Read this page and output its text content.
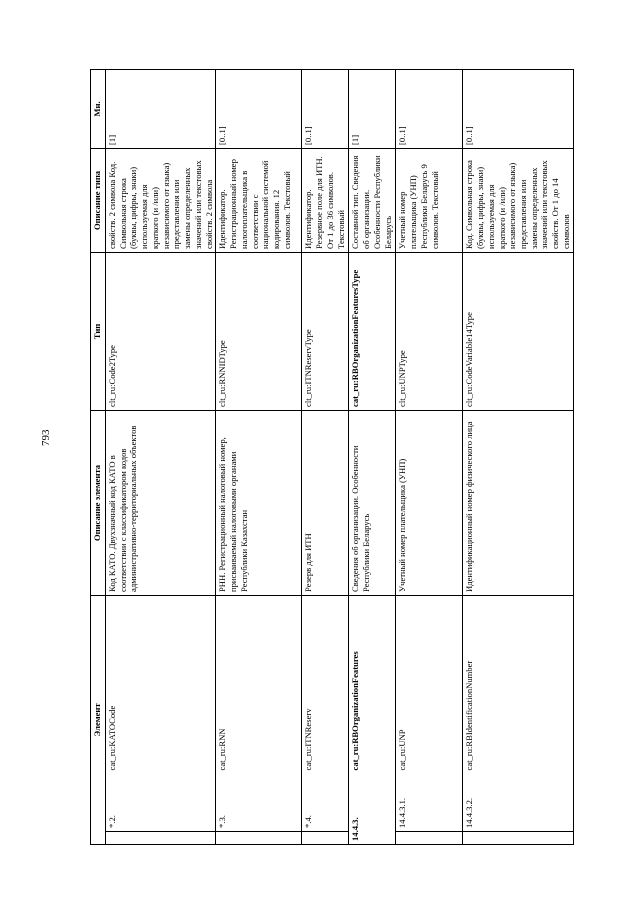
793
Элемент			Описание элемента	Тип	Описание типа	Мн.
	*.2.	cat_ru:KATOCode	Код КАТО. Двухзначный код КАТО в соответствии с классификатором кодов административно-территориальных объектов	clt_ru:Code2Type	свойств. 2 символа Код. Символьная строка (буквы, цифры, знаки) используемая для краткого (и /или) независимого от языка) представления или замены определенных значений или текстовых свойств. 2 символа	[1]
	*.3.	cat_ru:RNN	РНН. Регистрационный налоговый номер, присваиваемый налоговыми органами Республики Казахстан	clt_ru:RNNIDType	Идентификатор. Регистрационный номер налогоплательщика в соответствии с национальной системой кодирования. 12 символов. Текстовый	[0..1]
	*.4.	cat_ru:ITNReserv	Резерв для ИТН	clt_ru:ITNReservType	Идентификатор. Резервное поле для ИТН. От 1 до 36 символов. Текстовый	[0..1]
14.4.3.		cat_ru:RBOrganizationFeatures	Сведения об организации. Особенности Республики Беларусь	cat_ru:RBOrganizationFeaturesType	Составной тип. Сведения об организации. Особенности Республики Беларусь	[1]
	14.4.3.1.	cat_ru:UNP	Учетный номер плательщика (УНП)	clt_ru:UNPType	Учетный номер плательщика (УНП) Республики Беларусь 9 символов. Текстовый	[0..1]
	14.4.3.2.	cat_ru:RBIdentificationNumber	Идентификационный номер физического лица	clt_ru:CodeVariable14Type	Код. Символьная строка (буквы, цифры, знаки) используемая для краткого (и /или) независимого от языка) представления или замены определенных значений или текстовых свойств. От 1 до 14 символов	[0..1]
